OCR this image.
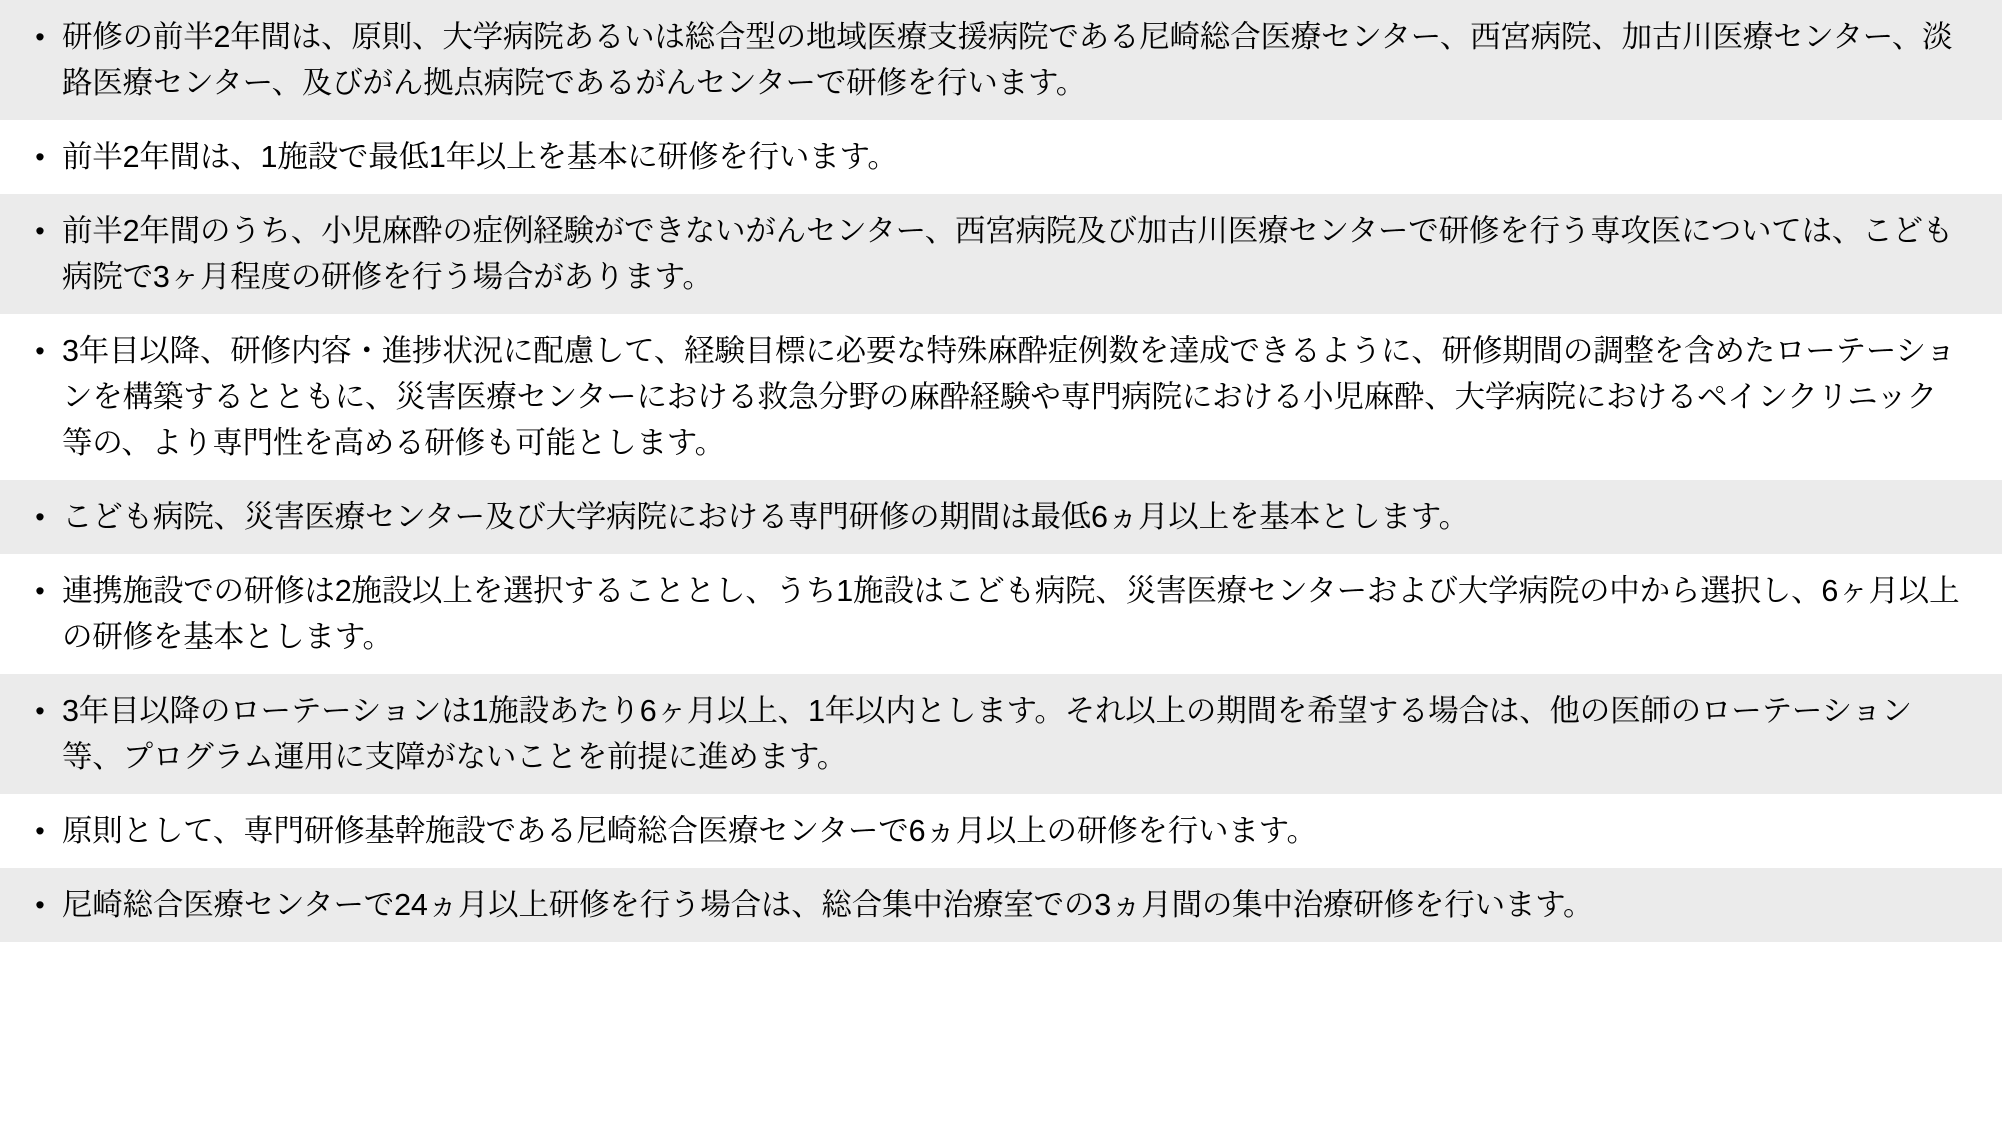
• 研修の前半2年間は、原則、大学病院あるいは総合型の地域医療支援病院である尼崎総合医療センター、西宮病院、加古川医療センター、淡路医療センター、及びがん拠点病院であるがんセンターで研修を行います。
• 前半2年間は、1施設で最低1年以上を基本に研修を行います。
• 前半2年間のうち、小児麻酔の症例経験ができないがんセンター、西宮病院及び加古川医療センターで研修を行う専攻医については、こども病院で3ヶ月程度の研修を行う場合があります。
• 3年目以降、研修内容・進捗状況に配慮して、経験目標に必要な特殊麻酔症例数を達成できるように、研修期間の調整を含めたローテーションを構築するとともに、災害医療センターにおける救急分野の麻酔経験や専門病院における小児麻酔、大学病院におけるペインクリニック等の、より専門性を高める研修も可能とします。
• こども病院、災害医療センター及び大学病院における専門研修の期間は最低6ヵ月以上を基本とします。
• 連携施設での研修は2施設以上を選択することとし、うち1施設はこども病院、災害医療センターおよび大学病院の中から選択し、6ヶ月以上の研修を基本とします。
• 3年目以降のローテーションは1施設あたり6ヶ月以上、1年以内とします。それ以上の期間を希望する場合は、他の医師のローテーション等、プログラム運用に支障がないことを前提に進めます。
• 原則として、専門研修基幹施設である尼崎総合医療センターで6ヵ月以上の研修を行います。
• 尼崎総合医療センターで24ヵ月以上研修を行う場合は、総合集中治療室での3ヵ月間の集中治療研修を行います。
